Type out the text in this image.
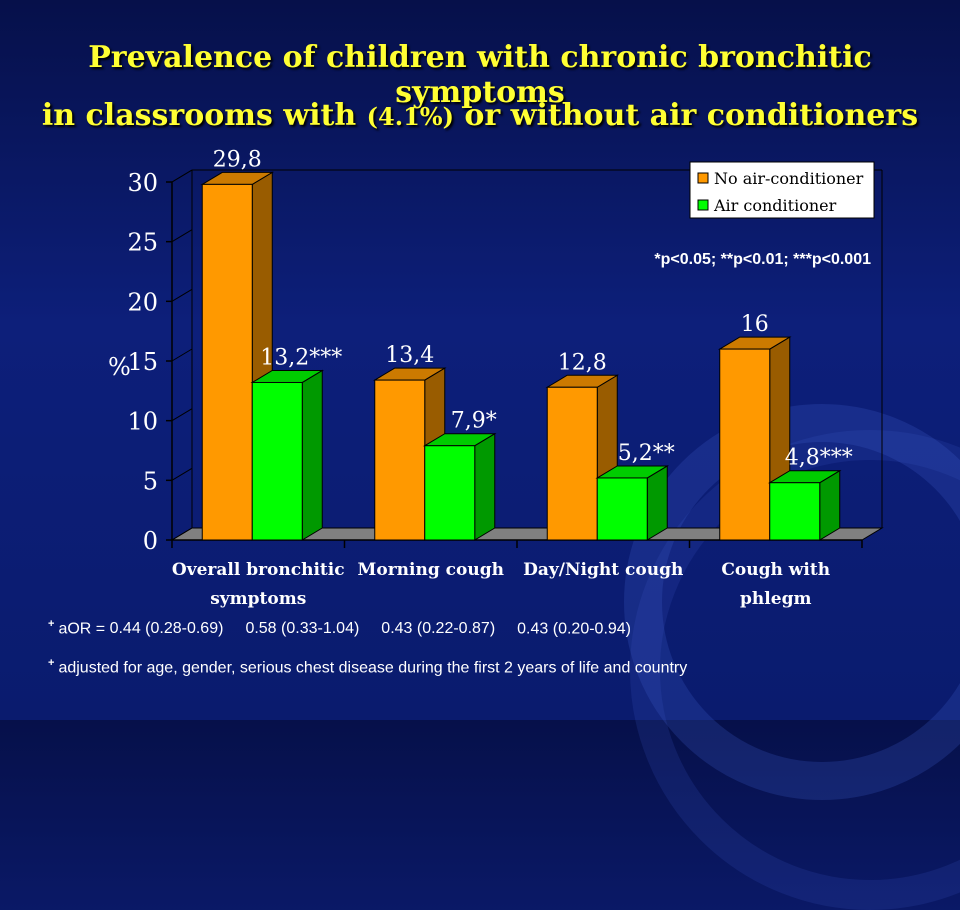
Prevalence of children with chronic bronchitic symptoms
in classrooms with (4.1%) or without air conditioners
0
5
10
15
20
25
30
%
29,8
13,2***
Overall bronchitic
symptoms
13,4
7,9*
Morning cough
12,8
5,2**
Day/Night cough
16
4,8***
Cough with
phlegm
No air-conditioner
Air conditioner
*p<0.05; **p<0.01; ***p<0.001
+ aOR = 0.44 (0.28-0.69) 0.58 (0.33-1.04) 0.43 (0.22-0.87) 0.43 (0.20-0.94)
+ adjusted for age, gender, serious chest disease during the first 2 years of life and country
